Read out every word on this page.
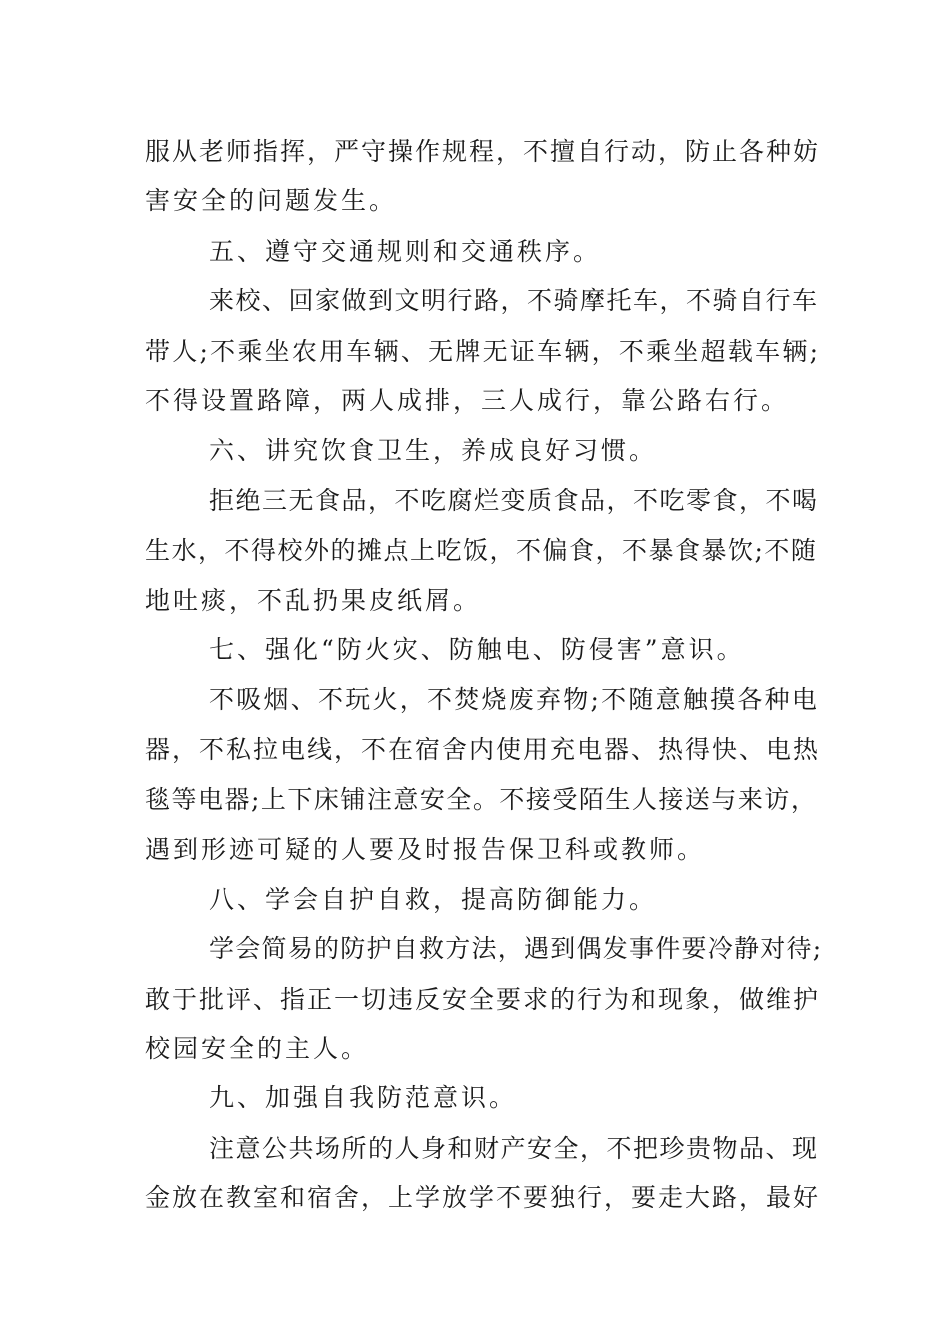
服从老师指挥，严守操作规程，不擅自行动，防止各种妨
害安全的问题发生。
五、遵守交通规则和交通秩序。
来校、回家做到文明行路，不骑摩托车，不骑自行车
带人;不乘坐农用车辆、无牌无证车辆，不乘坐超载车辆;
不得设置路障，两人成排，三人成行，靠公路右行。
六、讲究饮食卫生，养成良好习惯。
拒绝三无食品，不吃腐烂变质食品，不吃零食，不喝
生水，不得校外的摊点上吃饭，不偏食，不暴食暴饮;不随
地吐痰，不乱扔果皮纸屑。
七、强化“防火灾、防触电、防侵害”意识。
不吸烟、不玩火，不焚烧废弃物;不随意触摸各种电
器，不私拉电线，不在宿舍内使用充电器、热得快、电热
毯等电器;上下床铺注意安全。不接受陌生人接送与来访，
遇到形迹可疑的人要及时报告保卫科或教师。
八、学会自护自救，提高防御能力。
学会简易的防护自救方法，遇到偶发事件要冷静对待;
敢于批评、指正一切违反安全要求的行为和现象，做维护
校园安全的主人。
九、加强自我防范意识。
注意公共场所的人身和财产安全，不把珍贵物品、现
金放在教室和宿舍，上学放学不要独行，要走大路，最好
